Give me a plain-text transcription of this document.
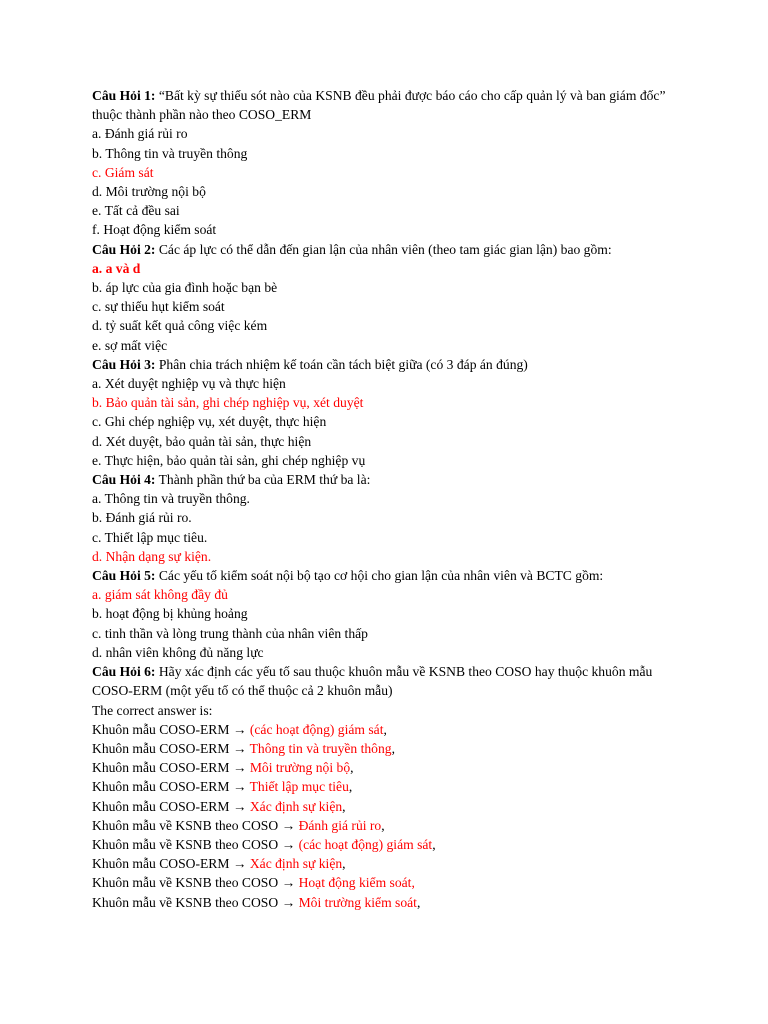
Câu Hỏi 1: “Bất kỳ sự thiếu sót nào của KSNB đều phải được báo cáo cho cấp quản lý và ban giám đốc” thuộc thành phần nào theo COSO_ERM
a. Đánh giá rủi ro
b. Thông tin và truyền thông
c. Giám sát
d. Môi trường nội bộ
e. Tất cả đều sai
f. Hoạt động kiểm soát
Câu Hỏi 2: Các áp lực có thể dẫn đến gian lận của nhân viên (theo tam giác gian lận) bao gồm:
a. a và d
b. áp lực của gia đình hoặc bạn bè
c. sự thiếu hụt kiểm soát
d. tỷ suất kết quả công việc kém
e. sợ mất việc
Câu Hỏi 3: Phân chia trách nhiệm kế toán cần tách biệt giữa (có 3 đáp án đúng)
a. Xét duyệt nghiệp vụ và thực hiện
b. Bảo quản tài sản, ghi chép nghiệp vụ, xét duyệt
c. Ghi chép nghiệp vụ, xét duyệt, thực hiện
d. Xét duyệt, bảo quản tài sản, thực hiện
e. Thực hiện, bảo quản tài sản, ghi chép nghiệp vụ
Câu Hỏi 4: Thành phần thứ ba của ERM thứ ba là:
a. Thông tin và truyền thông.
b. Đánh giá rủi ro.
c. Thiết lập mục tiêu.
d. Nhận dạng sự kiện.
Câu Hỏi 5: Các yếu tố kiểm soát nội bộ tạo cơ hội cho gian lận của nhân viên và BCTC gồm:
a. giám sát không đầy đủ
b. hoạt động bị khủng hoảng
c. tinh thần và lòng trung thành của nhân viên thấp
d. nhân viên không đủ năng lực
Câu Hỏi 6: Hãy xác định các yếu tố sau thuộc khuôn mẫu về KSNB theo COSO hay thuộc khuôn mẫu COSO-ERM (một yếu tố có thể thuộc cả 2 khuôn mẫu)
The correct answer is:
Khuôn mẫu COSO-ERM → (các hoạt động) giám sát,
Khuôn mẫu COSO-ERM → Thông tin và truyền thông,
Khuôn mẫu COSO-ERM → Môi trường nội bộ,
Khuôn mẫu COSO-ERM → Thiết lập mục tiêu,
Khuôn mẫu COSO-ERM → Xác định sự kiện,
Khuôn mẫu về KSNB theo COSO → Đánh giá rủi ro,
Khuôn mẫu về KSNB theo COSO → (các hoạt động) giám sát,
Khuôn mẫu COSO-ERM → Xác định sự kiện,
Khuôn mẫu về KSNB theo COSO → Hoạt động kiểm soát,
Khuôn mẫu về KSNB theo COSO → Môi trường kiểm soát,
